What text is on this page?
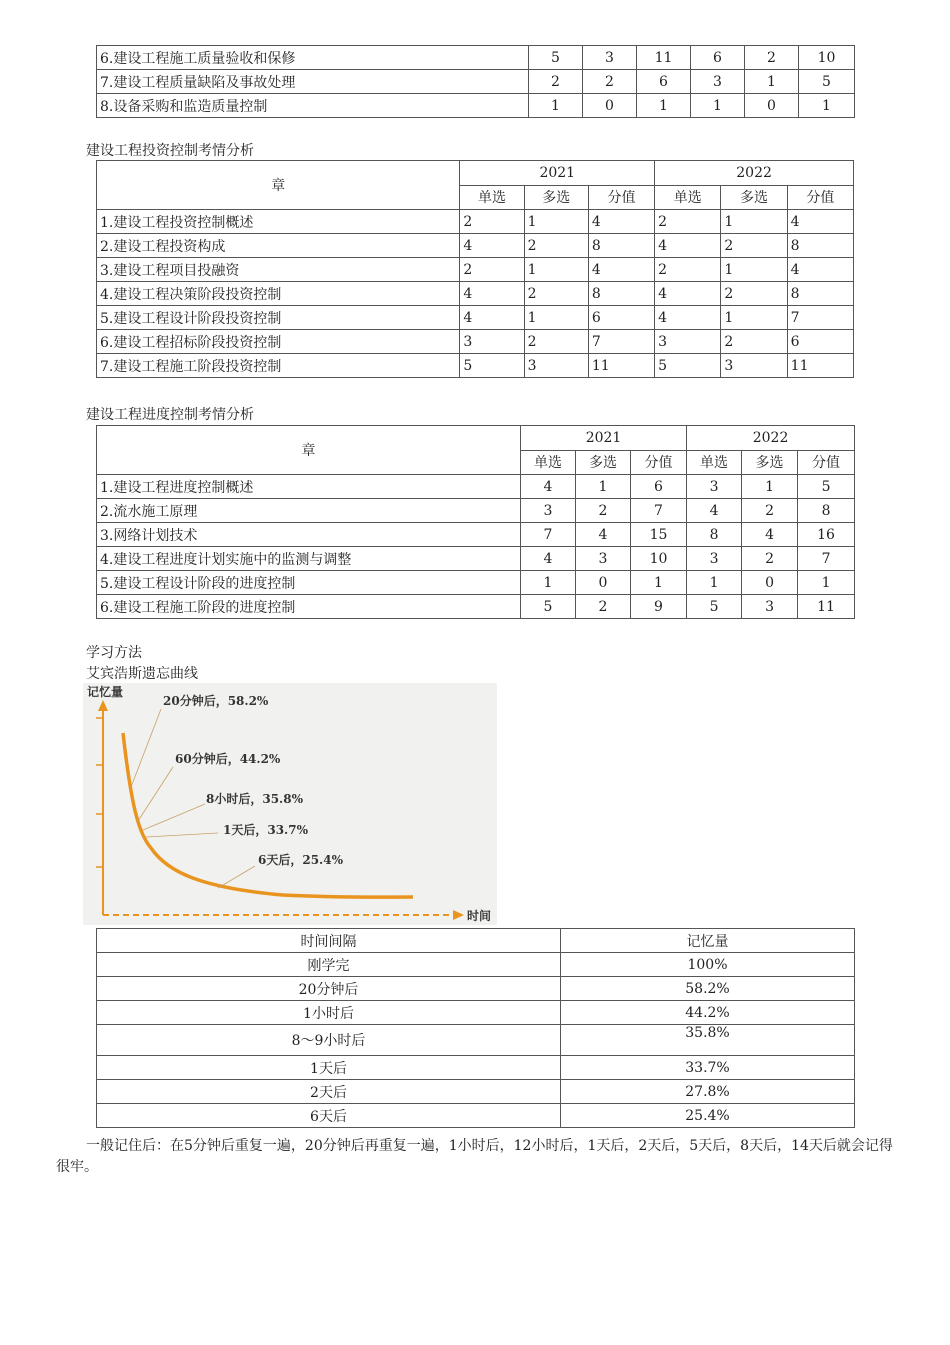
6.建设工程施工质量验收和保修	5	3	11	6	2	10
7.建设工程质量缺陷及事故处理	2	2	6	3	1	5
8.设备采购和监造质量控制	1	0	1	1	0	1
建设工程投资控制考情分析
章	2021			2022		
	单选	多选	分值	单选	多选	分值
1.建设工程投资控制概述	2	1	4	2	1	4
2.建设工程投资构成	4	2	8	4	2	8
3.建设工程项目投融资	2	1	4	2	1	4
4.建设工程决策阶段投资控制	4	2	8	4	2	8
5.建设工程设计阶段投资控制	4	1	6	4	1	7
6.建设工程招标阶段投资控制	3	2	7	3	2	6
7.建设工程施工阶段投资控制	5	3	11	5	3	11
建设工程进度控制考情分析
章	2021			2022		
	单选	多选	分值	单选	多选	分值
1.建设工程进度控制概述	4	1	6	3	1	5
2.流水施工原理	3	2	7	4	2	8
3.网络计划技术	7	4	15	8	4	16
4.建设工程进度计划实施中的监测与调整	4	3	10	3	2	7
5.建设工程设计阶段的进度控制	1	0	1	1	0	1
6.建设工程施工阶段的进度控制	5	2	9	5	3	11
学习方法
艾宾浩斯遗忘曲线
记忆量
时间
20分钟后，58.2%
60分钟后，44.2%
8小时后，35.8%
1天后，33.7%
6天后，25.4%
时间间隔	记忆量
刚学完	100%
20分钟后	58.2%
1小时后	44.2%
8～9小时后	35.8%
1天后	33.7%
2天后	27.8%
6天后	25.4%
一般记住后：在5分钟后重复一遍，20分钟后再重复一遍，1小时后，12小时后，1天后，2天后，5天后，8天后，14天后就会记得很牢。
